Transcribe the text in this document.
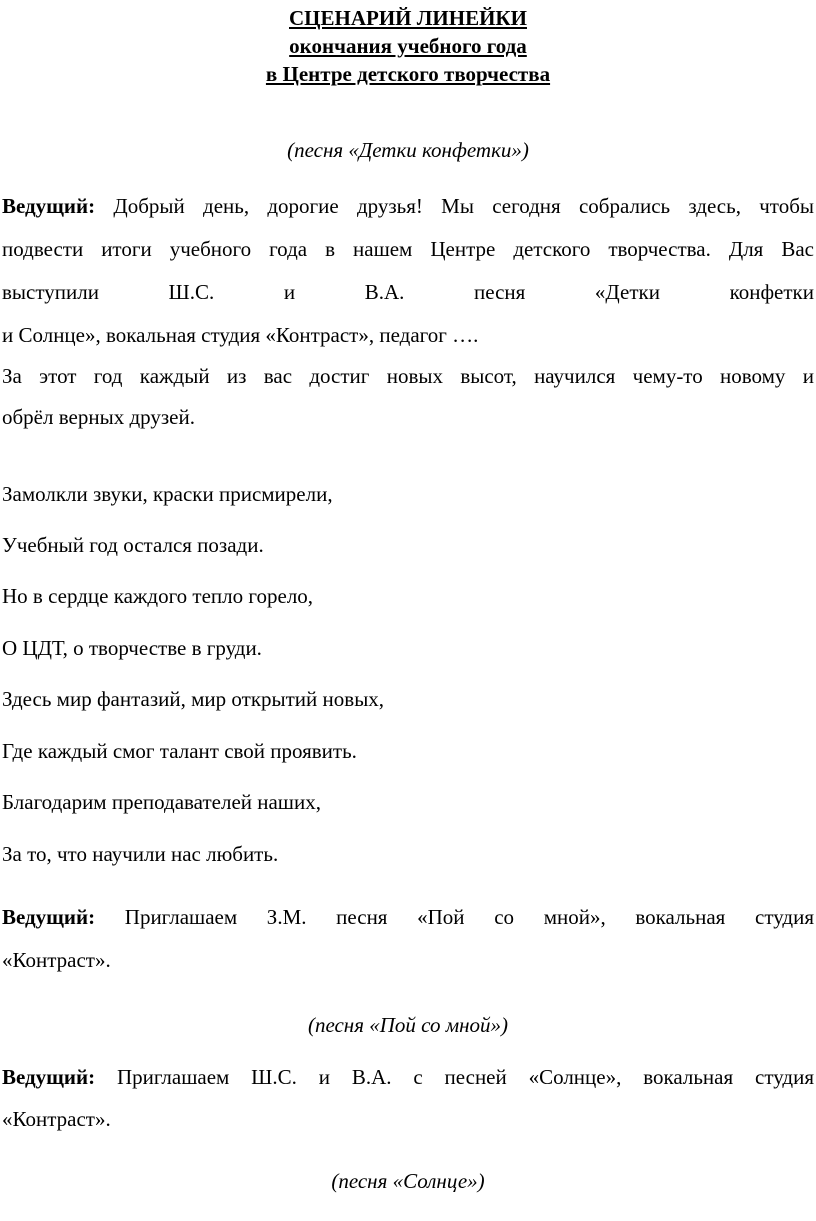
СЦЕНАРИЙ ЛИНЕЙКИ

окончания учебного года

в Центре детского творчества

(песня «Детки конфетки»)

Ведущий: Добрый день, дорогие друзья! Мы сегодня собрались здесь, чтобы

подвести итоги учебного года в нашем Центре детского творчества. Для Вас

выступили Ш.С. и В.А. песня «Детки конфетки

и Солнце», вокальная студия «Контраст», педагог ….

За этот год каждый из вас достиг новых высот, научился чему-то новому и

обрёл верных друзей.

Замолкли звуки, краски присмирели,

Учебный год остался позади.

Но в сердце каждого тепло горело,

О ЦДТ, о творчестве в груди.

Здесь мир фантазий, мир открытий новых,

Где каждый смог талант свой проявить.

Благодарим преподавателей наших,

За то, что научили нас любить.

Ведущий: Приглашаем З.М. песня «Пой со мной», вокальная студия

«Контраст».

(песня «Пой со мной»)

Ведущий: Приглашаем Ш.С. и В.А. с песней «Солнце», вокальная студия

«Контраст».

(песня «Солнце»)
